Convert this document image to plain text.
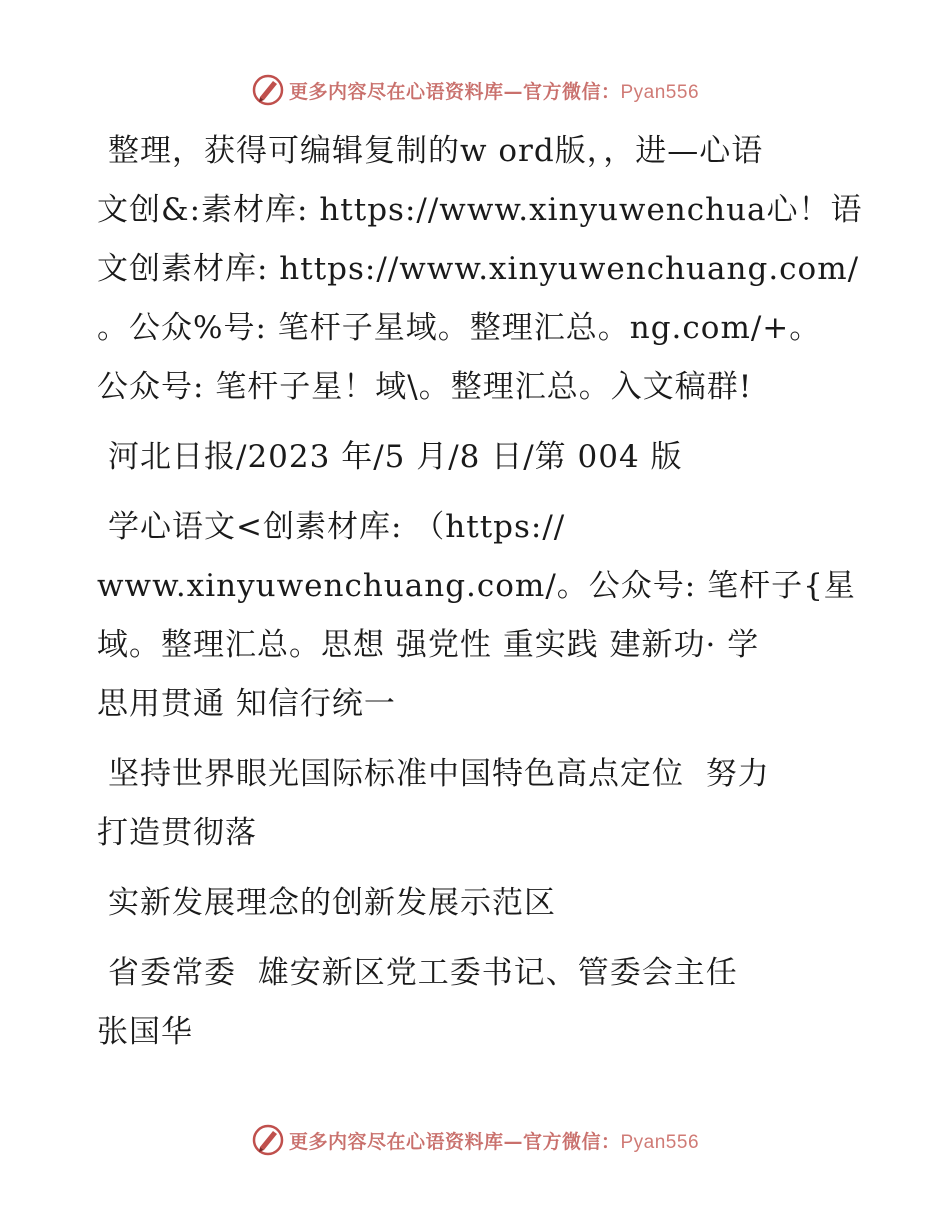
更多内容尽在心语资料库—官方微信：Pyan556

整理，获得可编辑复制的w ord版，，进—心语
文创&:素材库: https://www.xinyuwenchua心！语
文创素材库: https://www.xinyuwenchuang.com/
。公众%号: 笔杆子星域。整理汇总。ng.com/+。
公众号: 笔杆子星！域\。整理汇总。入文稿群!

河北日报/2023 年/5 月/8 日/第 004 版

学心语文<创素材库: （https://
www.xinyuwenchuang.com/。公众号: 笔杆子{星
域。整理汇总。思想 强党性 重实践 建新功· 学
思用贯通 知信行统一

坚持世界眼光国际标准中国特色高点定位  努力
打造贯彻落

实新发展理念的创新发展示范区

省委常委  雄安新区党工委书记、管委会主任
张国华

更多内容尽在心语资料库—官方微信：Pyan556
